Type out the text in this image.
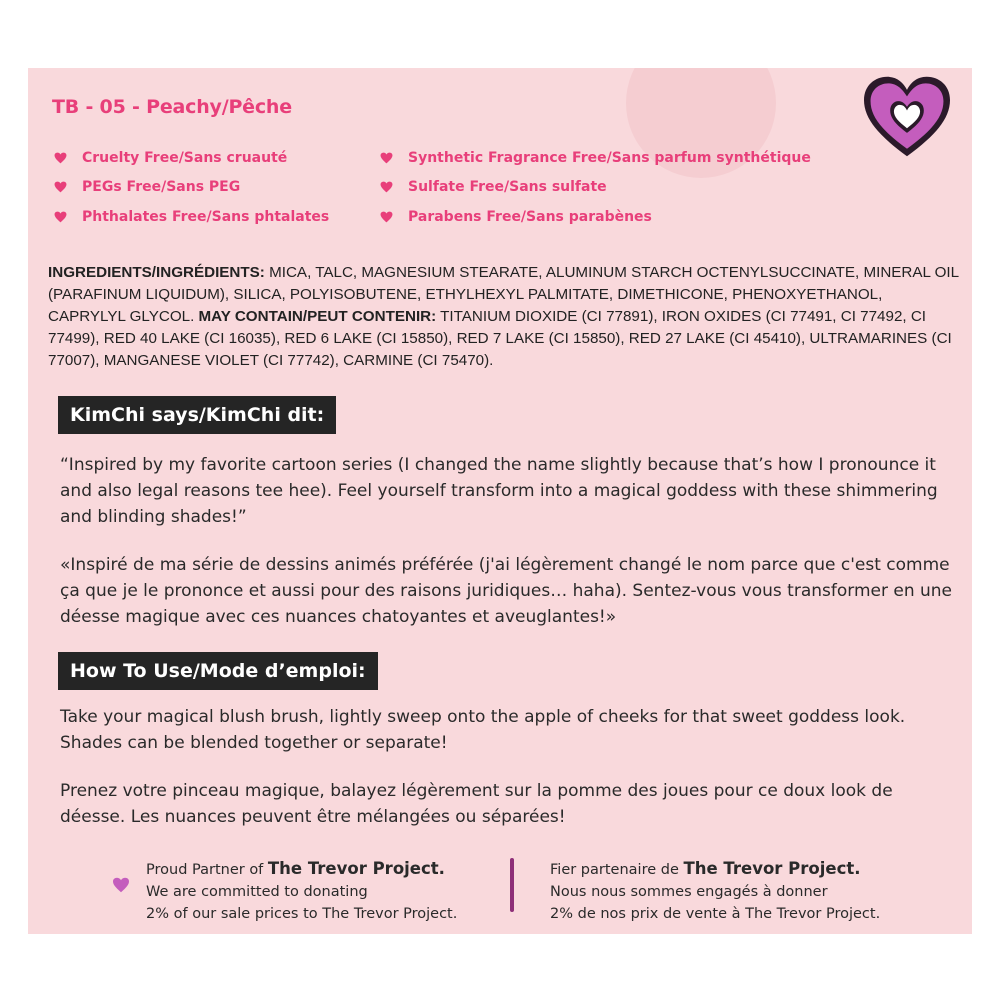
TB - 05 - Peachy/Pêche
Cruelty Free/Sans cruauté
PEGs Free/Sans PEG
Phthalates Free/Sans phtalates
Synthetic Fragrance Free/Sans parfum synthétique
Sulfate Free/Sans sulfate
Parabens Free/Sans parabènes

INGREDIENTS/INGRÉDIENTS: MICA, TALC, MAGNESIUM STEARATE, ALUMINUM STARCH OCTENYLSUCCINATE, MINERAL OIL (PARAFINUM LIQUIDUM), SILICA, POLYISOBUTENE, ETHYLHEXYL PALMITATE, DIMETHICONE, PHENOXYETHANOL, CAPRYLYL GLYCOL. MAY CONTAIN/PEUT CONTENIR: TITANIUM DIOXIDE (CI 77891), IRON OXIDES (CI 77491, CI 77492, CI 77499), RED 40 LAKE (CI 16035), RED 6 LAKE (CI 15850), RED 7 LAKE (CI 15850), RED 27 LAKE (CI 45410), ULTRAMARINES (CI 77007), MANGANESE VIOLET (CI 77742), CARMINE (CI 75470).

KimChi says/KimChi dit:

“Inspired by my favorite cartoon series (I changed the name slightly because that’s how I pronounce it and also legal reasons tee hee). Feel yourself transform into a magical goddess with these shimmering and blinding shades!”

«Inspiré de ma série de dessins animés préférée (j'ai légèrement changé le nom parce que c'est comme ça que je le prononce et aussi pour des raisons juridiques… haha). Sentez-vous vous transformer en une déesse magique avec ces nuances chatoyantes et aveuglantes!»

How To Use/Mode d’emploi:

Take your magical blush brush, lightly sweep onto the apple of cheeks for that sweet goddess look. Shades can be blended together or separate!

Prenez votre pinceau magique, balayez légèrement sur la pomme des joues pour ce doux look de déesse. Les nuances peuvent être mélangées ou séparées!

Proud Partner of The Trevor Project.
We are committed to donating
2% of our sale prices to The Trevor Project.
Fier partenaire de The Trevor Project.
Nous nous sommes engagés à donner
2% de nos prix de vente à The Trevor Project.
